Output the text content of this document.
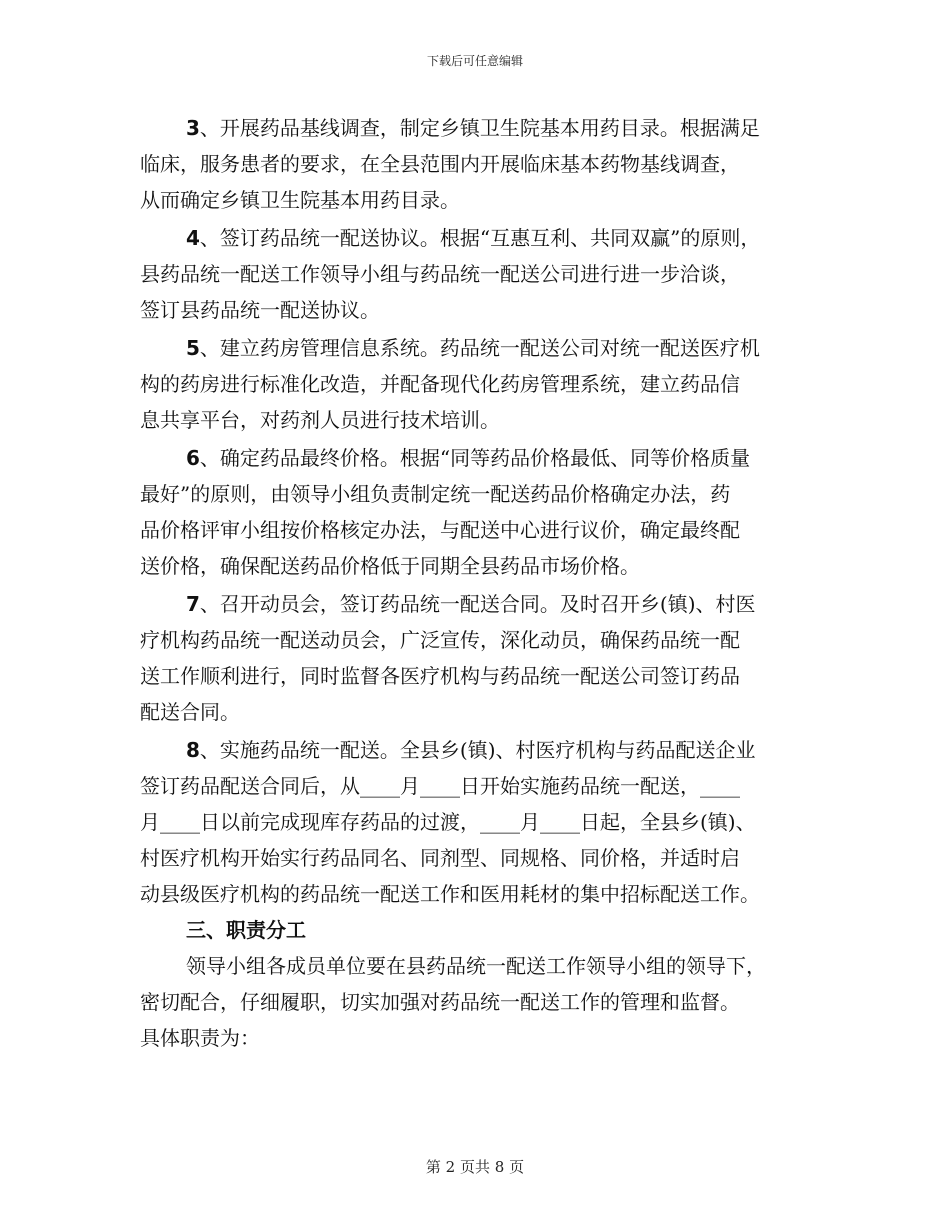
下载后可任意编辑

3、开展药品基线调查，制定乡镇卫生院基本用药目录。根据满足
临床，服务患者的要求，在全县范围内开展临床基本药物基线调查，
从而确定乡镇卫生院基本用药目录。

4、签订药品统一配送协议。根据“互惠互利、共同双赢”的原则，
县药品统一配送工作领导小组与药品统一配送公司进行进一步洽谈，
签订县药品统一配送协议。

5、建立药房管理信息系统。药品统一配送公司对统一配送医疗机
构的药房进行标准化改造，并配备现代化药房管理系统，建立药品信
息共享平台，对药剂人员进行技术培训。

6、确定药品最终价格。根据“同等药品价格最低、同等价格质量
最好”的原则，由领导小组负责制定统一配送药品价格确定办法，药
品价格评审小组按价格核定办法，与配送中心进行议价，确定最终配
送价格，确保配送药品价格低于同期全县药品市场价格。

7、召开动员会，签订药品统一配送合同。及时召开乡(镇)、村医
疗机构药品统一配送动员会，广泛宣传，深化动员，确保药品统一配
送工作顺利进行，同时监督各医疗机构与药品统一配送公司签订药品
配送合同。

8、实施药品统一配送。全县乡(镇)、村医疗机构与药品配送企业
签订药品配送合同后，从____月____日开始实施药品统一配送，____
月____日以前完成现库存药品的过渡，____月____日起，全县乡(镇)、
村医疗机构开始实行药品同名、同剂型、同规格、同价格，并适时启
动县级医疗机构的药品统一配送工作和医用耗材的集中招标配送工作。

三、职责分工

领导小组各成员单位要在县药品统一配送工作领导小组的领导下，
密切配合，仔细履职，切实加强对药品统一配送工作的管理和监督。
具体职责为：

第 2 页共 8 页
